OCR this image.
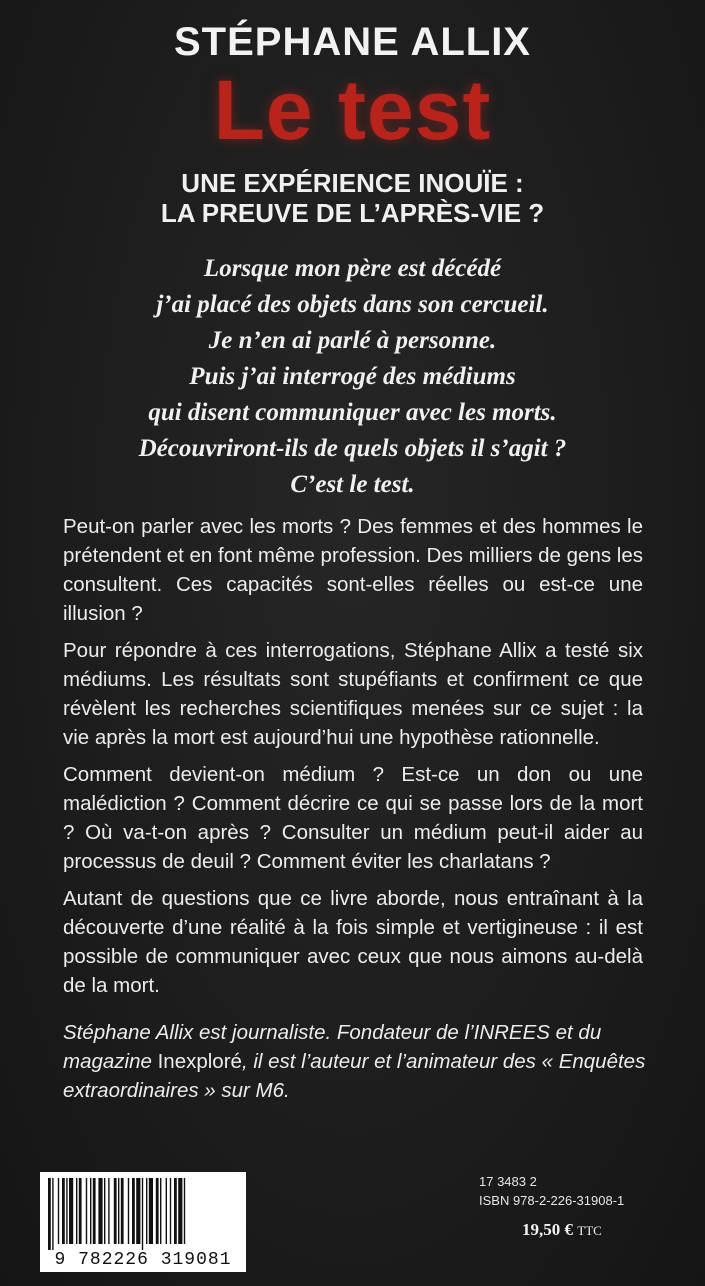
STÉPHANE ALLIX
Le test
UNE EXPÉRIENCE INOUÏE :
LA PREUVE DE L’APRÈS-VIE ?
Lorsque mon père est décédé
j’ai placé des objets dans son cercueil.
Je n’en ai parlé à personne.
Puis j’ai interrogé des médiums
qui disent communiquer avec les morts.
Découvriront-ils de quels objets il s’agit ?
C’est le test.

Peut-on parler avec les morts ? Des femmes et des hommes le prétendent et en font même profession. Des milliers de gens les consultent. Ces capacités sont-elles réelles ou est-ce une illusion ?

Pour répondre à ces interrogations, Stéphane Allix a testé six médiums. Les résultats sont stupéfiants et confirment ce que révèlent les recherches scientifiques menées sur ce sujet : la vie après la mort est aujourd’hui une hypothèse rationnelle.

Comment devient-on médium ? Est-ce un don ou une malédiction ? Comment décrire ce qui se passe lors de la mort ? Où va-t-on après ? Consulter un médium peut-il aider au processus de deuil ? Comment éviter les charlatans ?

Autant de questions que ce livre aborde, nous entraînant à la découverte d’une réalité à la fois simple et vertigineuse : il est possible de communiquer avec ceux que nous aimons au-delà de la mort.

Stéphane Allix est journaliste. Fondateur de l’INREES et du magazine Inexploré, il est l’auteur et l’animateur des « Enquêtes extraordinaires » sur M6.
9 782226 319081
17 3483 2
ISBN 978-2-226-31908-1
19,50 € TTC
